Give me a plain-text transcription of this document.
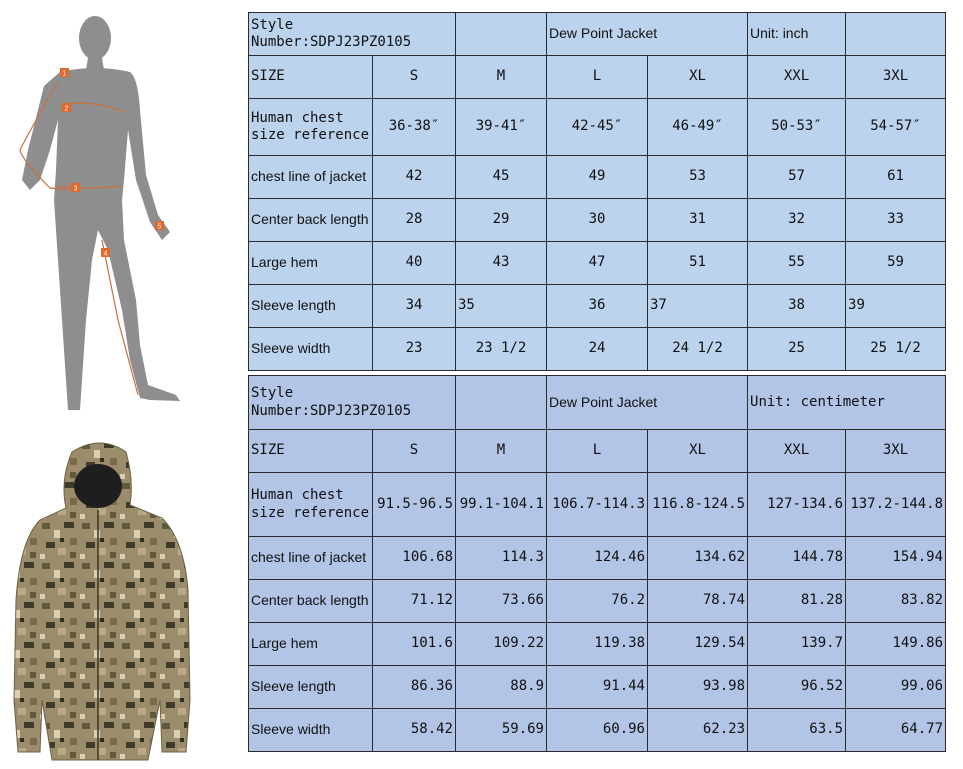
1
2
3
4
5
Style Number:SDPJ23PZ0105			Dew Point Jacket		Unit: inch	
SIZE	S	M	L	XL	XXL	3XL
Human chest size reference	36-38″	39-41″	42-45″	46-49″	50-53″	54-57″
chest line of jacket	42	45	49	53	57	61
Center back length	28	29	30	31	32	33
Large hem	40	43	47	51	55	59
Sleeve length	34	35	36	37	38	39
Sleeve width	23	23 1/2	24	24 1/2	25	25 1/2
Style Number:SDPJ23PZ0105			Dew Point Jacket		Unit: centimeter	
SIZE	S	M	L	XL	XXL	3XL
Human chest size reference	91.5-96.5	99.1-104.1	106.7-114.3	116.8-124.5	127-134.6	137.2-144.8
chest line of jacket	106.68	114.3	124.46	134.62	144.78	154.94
Center back length	71.12	73.66	76.2	78.74	81.28	83.82
Large hem	101.6	109.22	119.38	129.54	139.7	149.86
Sleeve length	86.36	88.9	91.44	93.98	96.52	99.06
Sleeve width	58.42	59.69	60.96	62.23	63.5	64.77
